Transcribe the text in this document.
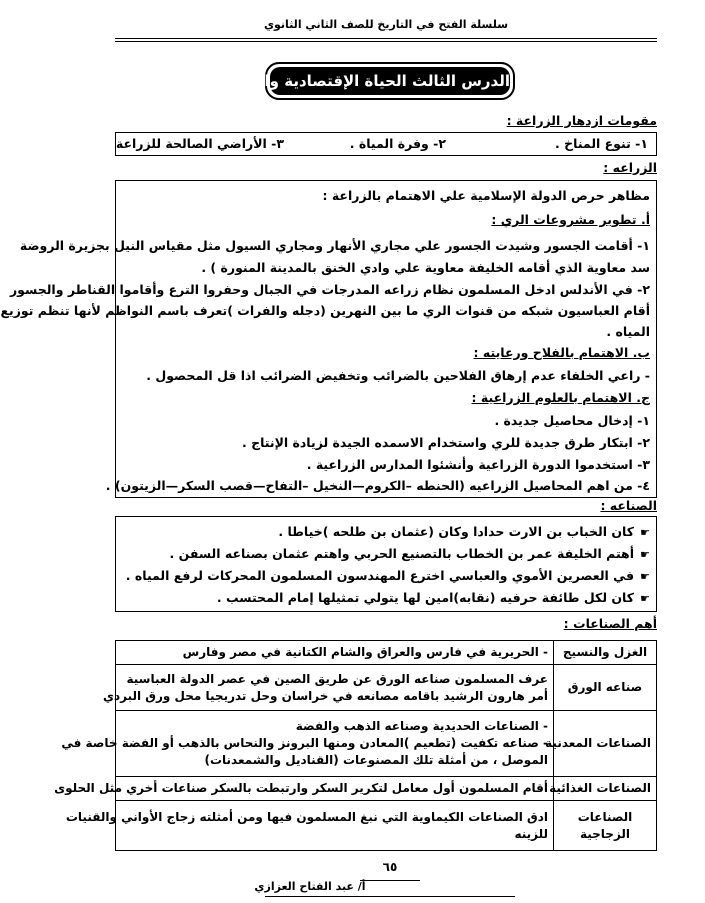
سلسلة الفتح في التاريخ للصف الثاني الثانوي
الدرس الثالث الحياة الإقتصادية والأجتماعية
مقومات ازدهار الزراعة :
١- تنوع المناخ .
٢- وفرة المياة .
٣- الأراضي الصالحة للزراعة
الزراعه :
مظاهر حرص الدولة الإسلامية علي الاهتمام بالزراعة :
أ. تطوير مشروعات الري :
١- أقامت الجسور وشيدت الجسور علي مجاري الأنهار ومجاري السيول مثل مقياس النيل بجزيرة الروضة
سد معاوية الذي أقامه الخليفة معاوية علي وادي الخنق بالمدينة المنورة ) .
٢- في الأندلس ادخل المسلمون نظام زراعه المدرجات في الجبال وحفروا الترع وأقاموا القناطر والجسور
أقام العباسيون شبكه من قنوات الري ما بين النهرين (دجله والفرات )تعرف باسم النواظم لأنها تنظم توزيع
المياه .
ب. الاهتمام بالفلاح ورعايته :
- راعي الخلفاء عدم إرهاق الفلاحين بالضرائب وتخفيض الضرائب اذا قل المحصول .
ج. الاهتمام بالعلوم الزراعية :
١- إدخال محاصيل جديدة .
٢- ابتكار طرق جديدة للري واستخدام الاسمده الجيدة لزيادة الإنتاج .
٣- استخدموا الدورة الزراعية وأنشئوا المدارس الزراعية .
٤- من اهم المحاصيل الزراعيه (الحنطه –الكروم—النخيل –التفاح—قصب السكر—الزيتون) .
الصناعه :
☛كان الخباب بن الارت حدادا وكان (عثمان بن طلحه )خياطا .
☛أهتم الخليفة عمر بن الخطاب بالتصنيع الحربي واهتم عثمان بصناعه السفن .
☛في العصرين الأموي والعباسي اخترع المهندسون المسلمون المحركات لرفع المياه .
☛كان لكل طائفة حرفيه (نقابه)امين لها يتولي تمثيلها إمام المحتسب .
أهم الصناعات :
الغزل والنسيج	- الحريرية في فارس والعراق والشام الكتانية في مصر وفارس

صناعه الورق	عرف المسلمون صناعه الورق عن طريق الصين في عصر الدولة العباسية
أمر هارون الرشيد باقامه مصانعه في خراسان وحل تدريجيا محل ورق البردي

الصناعات المعدنية	- الصناعات الحديدية وصناعه الذهب والفضة
- صناعه تكفيت (تطعيم )المعادن ومنها البرونز والنحاس بالذهب أو الفضة خاصة في
الموصل ، من أمثلة تلك المصنوعات (القناديل والشمعدنات)

الصناعات الغذائية	أقام المسلمون أول معامل لتكرير السكر وارتبطت بالسكر صناعات أخري مثل الحلوى

الصناعات الزجاجية	ادق الصناعات الكيماوية التي نبغ المسلمون فيها ومن أمثلته زجاج الأواني والقنيات
للزينه
٦٥
أ/ عبد الفتاح العزازي
